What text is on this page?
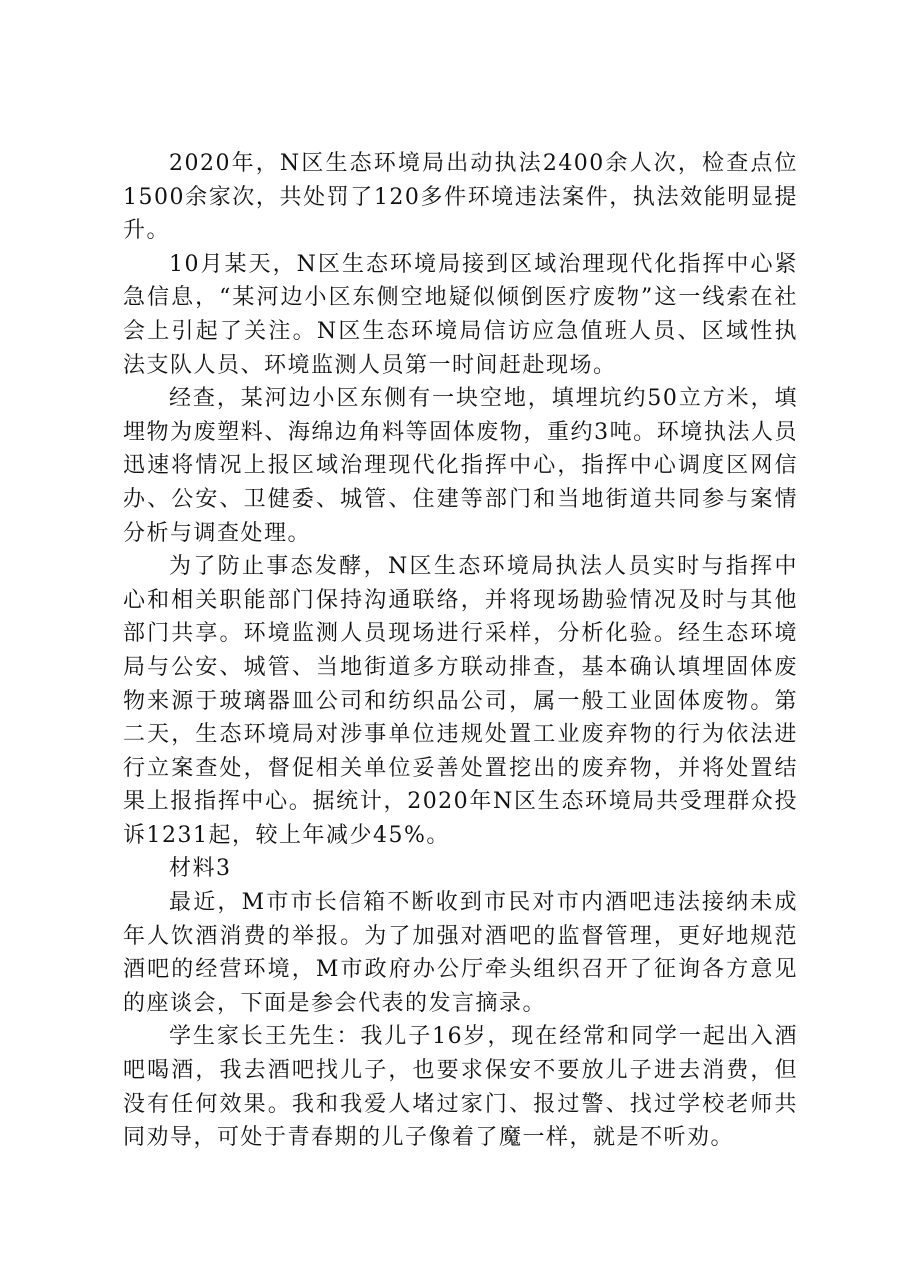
2020年，N区生态环境局出动执法2400余人次，检查点位1500余家次，共处罚了120多件环境违法案件，执法效能明显提升。

10月某天，N区生态环境局接到区域治理现代化指挥中心紧急信息，“某河边小区东侧空地疑似倾倒医疗废物”这一线索在社会上引起了关注。N区生态环境局信访应急值班人员、区域性执法支队人员、环境监测人员第一时间赶赴现场。

经查，某河边小区东侧有一块空地，填埋坑约50立方米，填埋物为废塑料、海绵边角料等固体废物，重约3吨。环境执法人员迅速将情况上报区域治理现代化指挥中心，指挥中心调度区网信办、公安、卫健委、城管、住建等部门和当地街道共同参与案情分析与调查处理。

为了防止事态发酵，N区生态环境局执法人员实时与指挥中心和相关职能部门保持沟通联络，并将现场勘验情况及时与其他部门共享。环境监测人员现场进行采样，分析化验。经生态环境局与公安、城管、当地街道多方联动排查，基本确认填埋固体废物来源于玻璃器皿公司和纺织品公司，属一般工业固体废物。第二天，生态环境局对涉事单位违规处置工业废弃物的行为依法进行立案查处，督促相关单位妥善处置挖出的废弃物，并将处置结果上报指挥中心。据统计，2020年N区生态环境局共受理群众投诉1231起，较上年减少45%。

材料3

最近，M市市长信箱不断收到市民对市内酒吧违法接纳未成年人饮酒消费的举报。为了加强对酒吧的监督管理，更好地规范酒吧的经营环境，M市政府办公厅牵头组织召开了征询各方意见的座谈会，下面是参会代表的发言摘录。

学生家长王先生：我儿子16岁，现在经常和同学一起出入酒吧喝酒，我去酒吧找儿子，也要求保安不要放儿子进去消费，但没有任何效果。我和我爱人堵过家门、报过警、找过学校老师共同劝导，可处于青春期的儿子像着了魔一样，就是不听劝。
